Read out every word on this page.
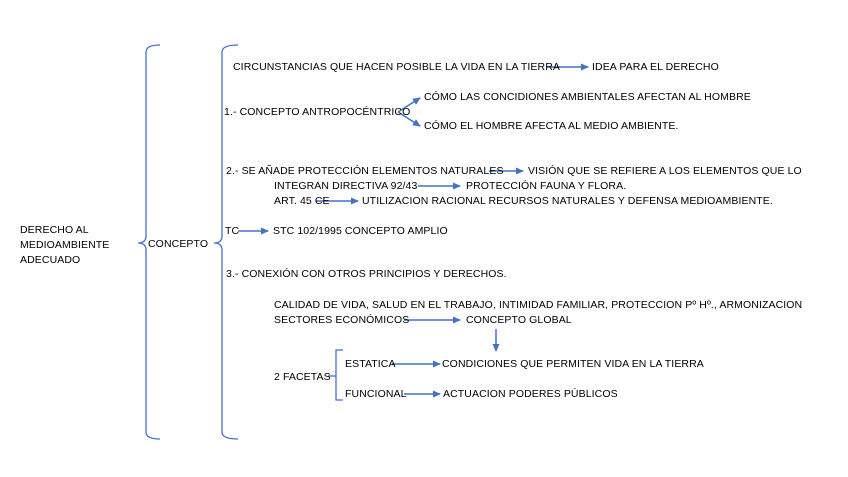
DERECHO AL
MEDIOAMBIENTE
ADECUADO
CONCEPTO
CIRCUNSTANCIAS QUE HACEN POSIBLE LA VIDA EN LA TIERRA	IDEA PARA EL DERECHO
1.- CONCEPTO ANTROPOCÉNTRICO
CÓMO LAS CONCIDIONES AMBIENTALES AFECTAN AL HOMBRE
CÓMO EL HOMBRE AFECTA AL MEDIO AMBIENTE.
2.- SE AÑADE PROTECCIÓN ELEMENTOS NATURALES VISIÓN QUE SE REFIERE A LOS ELEMENTOS QUE LO
INTEGRAN DIRECTIVA 92/43	PROTECCIÓN FAUNA Y FLORA.
ART. 45 CE	UTILIZACION RACIONAL RECURSOS NATURALES Y DEFENSA MEDIOAMBIENTE.
TC	STC 102/1995 CONCEPTO AMPLIO
3.- CONEXIÓN CON OTROS PRINCIPIOS Y DERECHOS.
CALIDAD DE VIDA, SALUD EN EL TRABAJO, INTIMIDAD FAMILIAR, PROTECCION Pº Hº., ARMONIZACION
SECTORES ECONÓMICOS	CONCEPTO GLOBAL
2 FACETAS
ESTATICA	CONDICIONES QUE PERMITEN VIDA EN LA TIERRA
FUNCIONAL	ACTUACION PODERES PÚBLICOS
